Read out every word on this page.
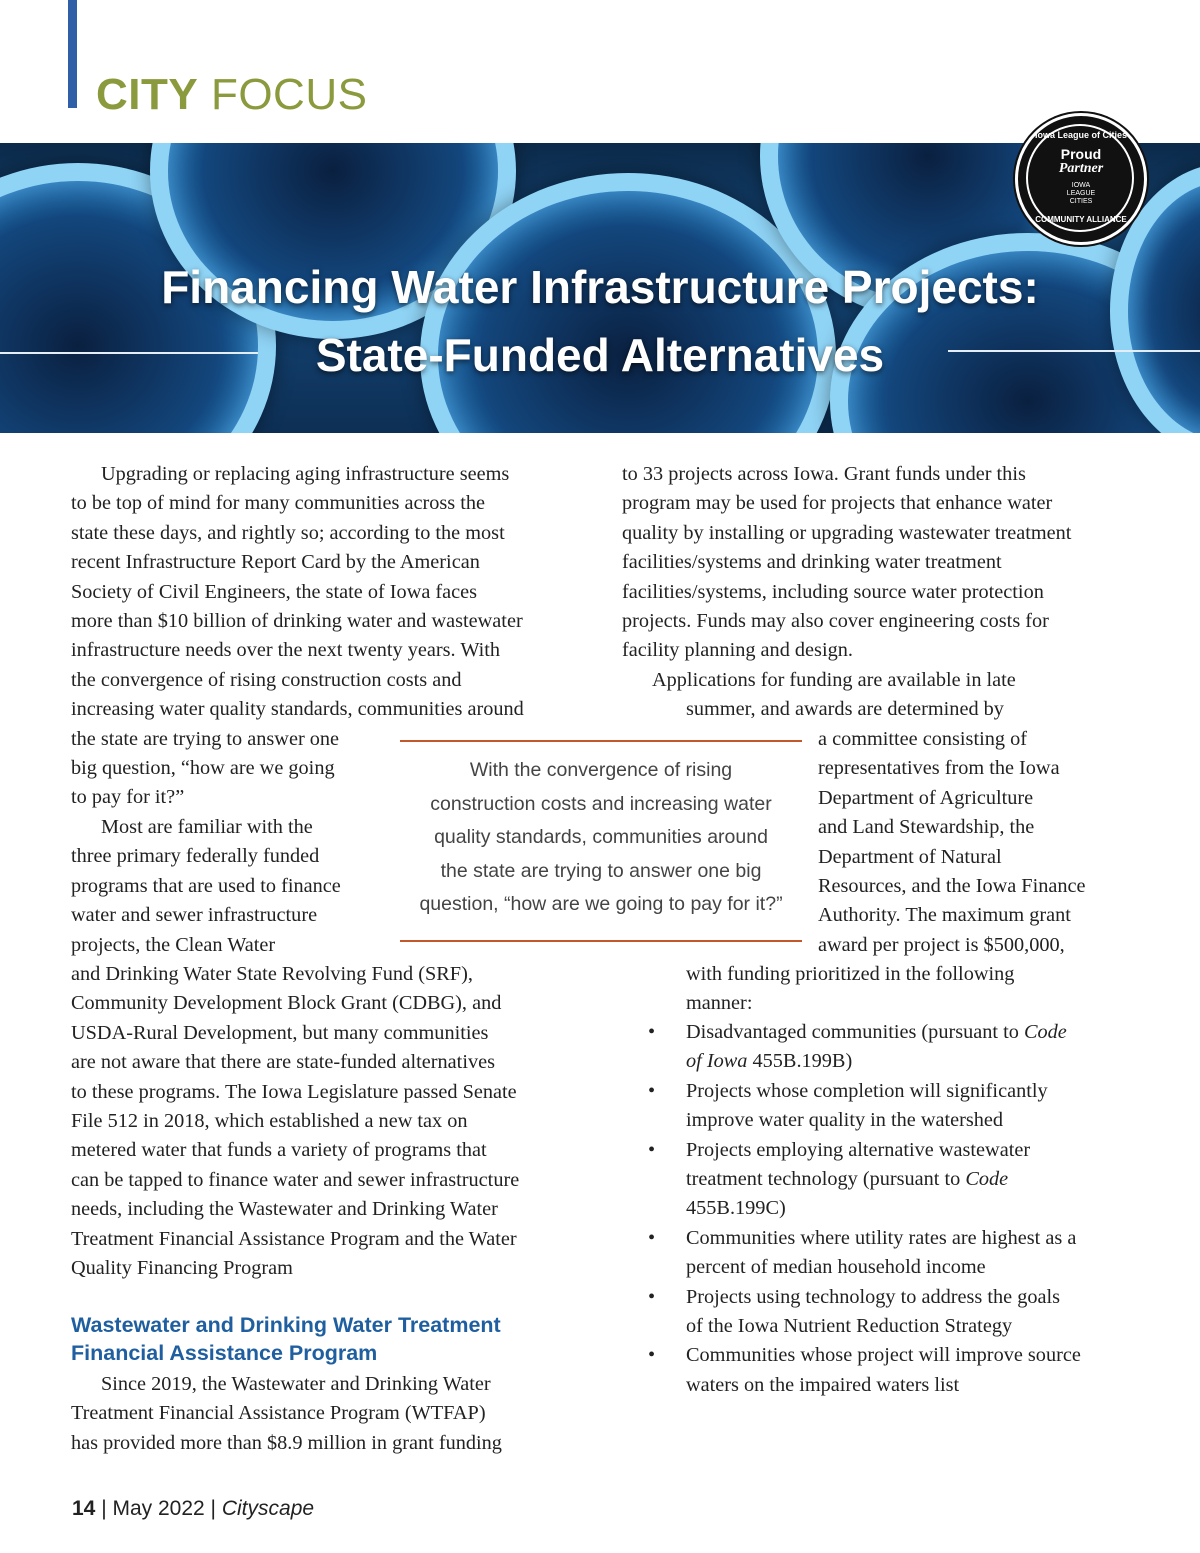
CITY FOCUS
Financing Water Infrastructure Projects:
State-Funded Alternatives
Iowa League of Cities
Proud
Partner
IOWA
LEAGUE
CITIES
COMMUNITY ALLIANCE
Upgrading or replacing aging infrastructure seems
to be top of mind for many communities across the
state these days, and rightly so; according to the most
recent Infrastructure Report Card by the American
Society of Civil Engineers, the state of Iowa faces
more than $10 billion of drinking water and wastewater
infrastructure needs over the next twenty years. With
the convergence of rising construction costs and
increasing water quality standards, communities around
the state are trying to answer one
big question, “how are we going
to pay for it?”
Most are familiar with the
three primary federally funded
programs that are used to finance
water and sewer infrastructure
projects, the Clean Water
and Drinking Water State Revolving Fund (SRF),
Community Development Block Grant (CDBG), and
USDA-Rural Development, but many communities
are not aware that there are state-funded alternatives
to these programs. The Iowa Legislature passed Senate
File 512 in 2018, which established a new tax on
metered water that funds a variety of programs that
can be tapped to finance water and sewer infrastructure
needs, including the Wastewater and Drinking Water
Treatment Financial Assistance Program and the Water
Quality Financing Program
Wastewater and Drinking Water Treatment
Financial Assistance Program
Since 2019, the Wastewater and Drinking Water
Treatment Financial Assistance Program (WTFAP)
has provided more than $8.9 million in grant funding
to 33 projects across Iowa. Grant funds under this
program may be used for projects that enhance water
quality by installing or upgrading wastewater treatment
facilities/systems and drinking water treatment
facilities/systems, including source water protection
projects. Funds may also cover engineering costs for
facility planning and design.
Applications for funding are available in late
summer, and awards are determined by
a committee consisting of
representatives from the Iowa
Department of Agriculture
and Land Stewardship, the
Department of Natural
Resources, and the Iowa Finance
Authority. The maximum grant
award per project is $500,000,
with funding prioritized in the following
manner:
• Disadvantaged communities (pursuant to Code
of Iowa 455B.199B)
• Projects whose completion will significantly
improve water quality in the watershed
• Projects employing alternative wastewater
treatment technology (pursuant to Code
455B.199C)
• Communities where utility rates are highest as a
percent of median household income
• Projects using technology to address the goals
of the Iowa Nutrient Reduction Strategy
• Communities whose project will improve source
waters on the impaired waters list
With the convergence of rising
construction costs and increasing water
quality standards, communities around
the state are trying to answer one big
question, “how are we going to pay for it?”
14 | May 2022 | Cityscape
